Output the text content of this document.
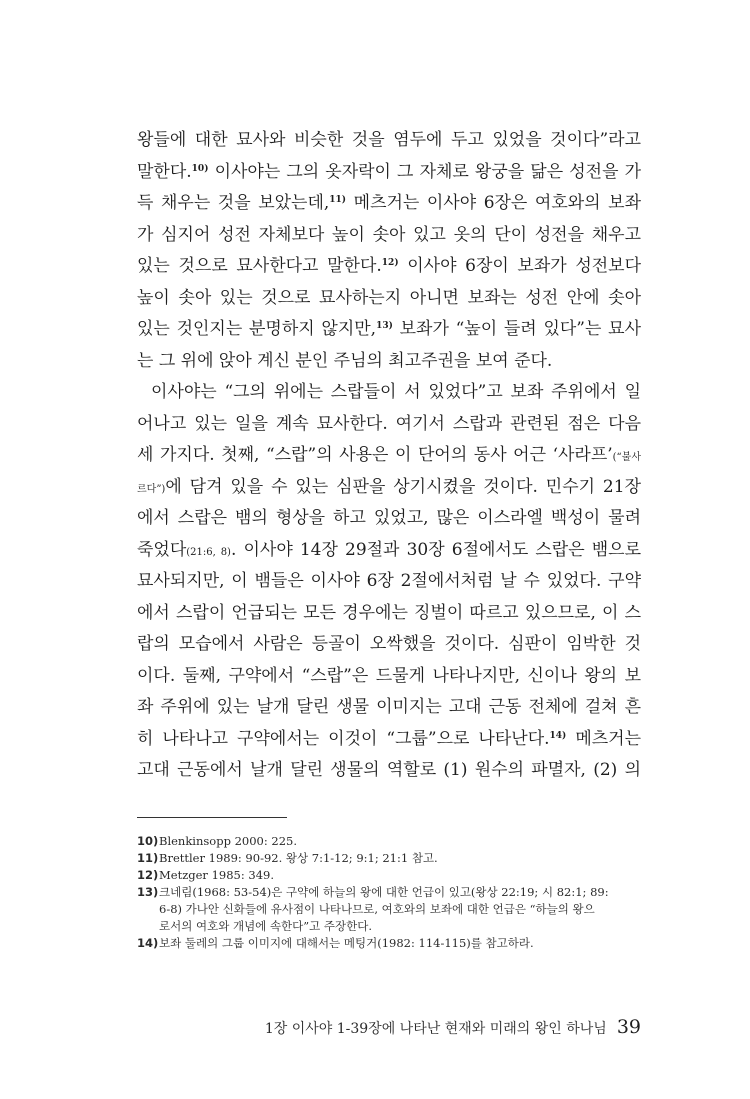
왕들에 대한 묘사와 비슷한 것을 염두에 두고 있었을 것이다”라고
말한다.$^{10)}$ 이사야는 그의 옷자락이 그 자체로 왕궁을 닮은 성전을 가
득 채우는 것을 보았는데,$^{11)}$ 메츠거는 이사야 6장은 여호와의 보좌
가 심지어 성전 자체보다 높이 솟아 있고 옷의 단이 성전을 채우고
있는 것으로 묘사한다고 말한다.$^{12)}$ 이사야 6장이 보좌가 성전보다
높이 솟아 있는 것으로 묘사하는지 아니면 보좌는 성전 안에 솟아
있는 것인지는 분명하지 않지만,$^{13)}$ 보좌가 “높이 들려 있다”는 묘사
는 그 위에 앉아 계신 분인 주님의 최고주권을 보여 준다.
이사야는 “그의 위에는 스랍들이 서 있었다”고 보좌 주위에서 일
어나고 있는 일을 계속 묘사한다. 여기서 스랍과 관련된 점은 다음
세 가지다. 첫째, “스랍”의 사용은 이 단어의 동사 어근 ‘사라프’(“불사
르다”)에 담겨 있을 수 있는 심판을 상기시켰을 것이다. 민수기 21장
에서 스랍은 뱀의 형상을 하고 있었고, 많은 이스라엘 백성이 물려
죽었다(21:6, 8). 이사야 14장 29절과 30장 6절에서도 스랍은 뱀으로
묘사되지만, 이 뱀들은 이사야 6장 2절에서처럼 날 수 있었다. 구약
에서 스랍이 언급되는 모든 경우에는 징벌이 따르고 있으므로, 이 스
랍의 모습에서 사람은 등골이 오싹했을 것이다. 심판이 임박한 것
이다. 둘째, 구약에서 “스랍”은 드물게 나타나지만, 신이나 왕의 보
좌 주위에 있는 날개 달린 생물 이미지는 고대 근동 전체에 걸쳐 흔
히 나타나고 구약에서는 이것이 “그룹”으로 나타난다.$^{14)}$ 메츠거는
고대 근동에서 날개 달린 생물의 역할로 (1) 원수의 파멸자, (2) 의
10) Blenkinsopp 2000: 225.
11) Brettler 1989: 90-92. 왕상 7:1-12; 9:1; 21:1 참고.
12) Metzger 1985: 349.
13) 크네림(1968: 53-54)은 구약에 하늘의 왕에 대한 언급이 있고(왕상 22:19; 시 82:1; 89:
6-8) 가나안 신화들에 유사점이 나타나므로, 여호와의 보좌에 대한 언급은 “하늘의 왕으
로서의 여호와 개념에 속한다”고 주장한다.
14) 보좌 둘레의 그룹 이미지에 대해서는 메팅거(1982: 114-115)를 참고하라.
1장 이사야 1-39장에 나타난 현재와 미래의 왕인 하나님 39
